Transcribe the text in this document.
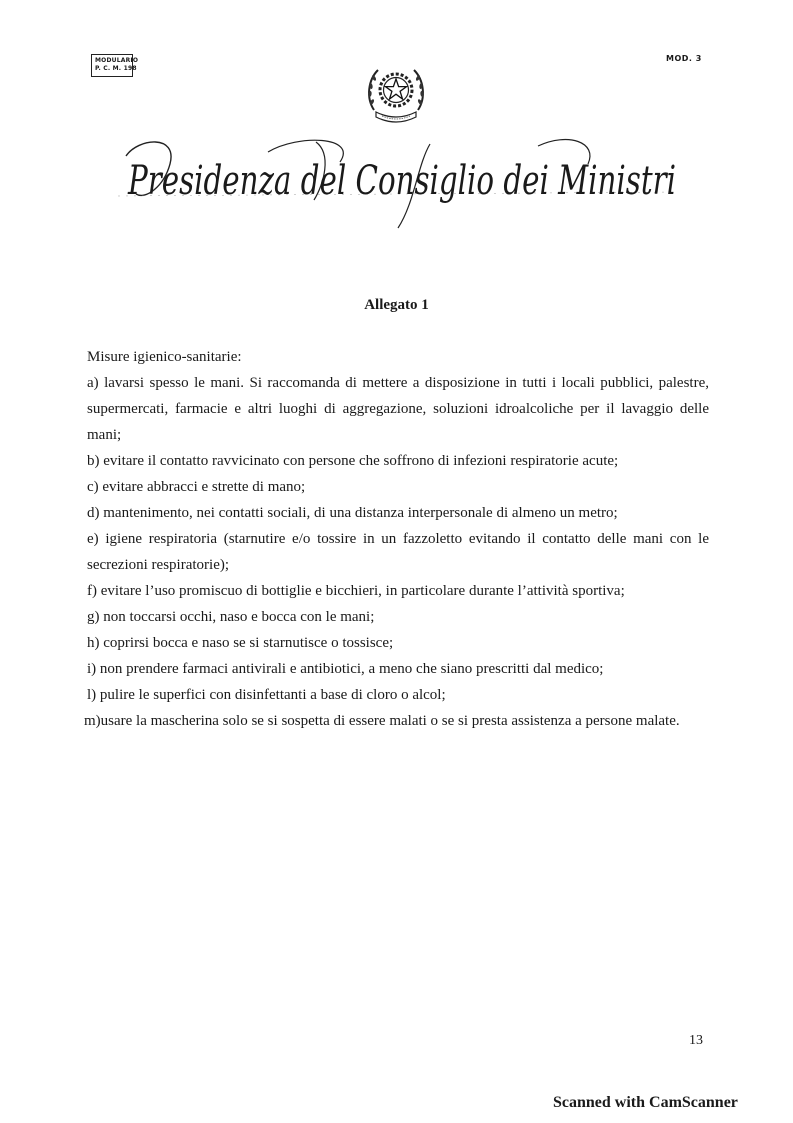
MODULARIO
P. C. M. 198
MOD. 3
Presidenza del Consiglio dei Ministri
Allegato 1

Misure igienico-sanitarie:

a) lavarsi spesso le mani. Si raccomanda di mettere a disposizione in tutti i locali pubblici, palestre, supermercati, farmacie e altri luoghi di aggregazione, soluzioni idroalcoliche per il lavaggio delle mani;

b) evitare il contatto ravvicinato con persone che soffrono di infezioni respiratorie acute;

c) evitare abbracci e strette di mano;

d) mantenimento, nei contatti sociali, di una distanza interpersonale di almeno un metro;

e) igiene respiratoria (starnutire e/o tossire in un fazzoletto evitando il contatto delle mani con le secrezioni respiratorie);

f) evitare l’uso promiscuo di bottiglie e bicchieri, in particolare durante l’attività sportiva;

g) non toccarsi occhi, naso e bocca con le mani;

h) coprirsi bocca e naso se si starnutisce o tossisce;

i) non prendere farmaci antivirali e antibiotici, a meno che siano prescritti dal medico;

l) pulire le superfici con disinfettanti a base di cloro o alcol;

m)usare la mascherina solo se si sospetta di essere malati o se si presta assistenza a persone malate.

13
Scanned with CamScanner
